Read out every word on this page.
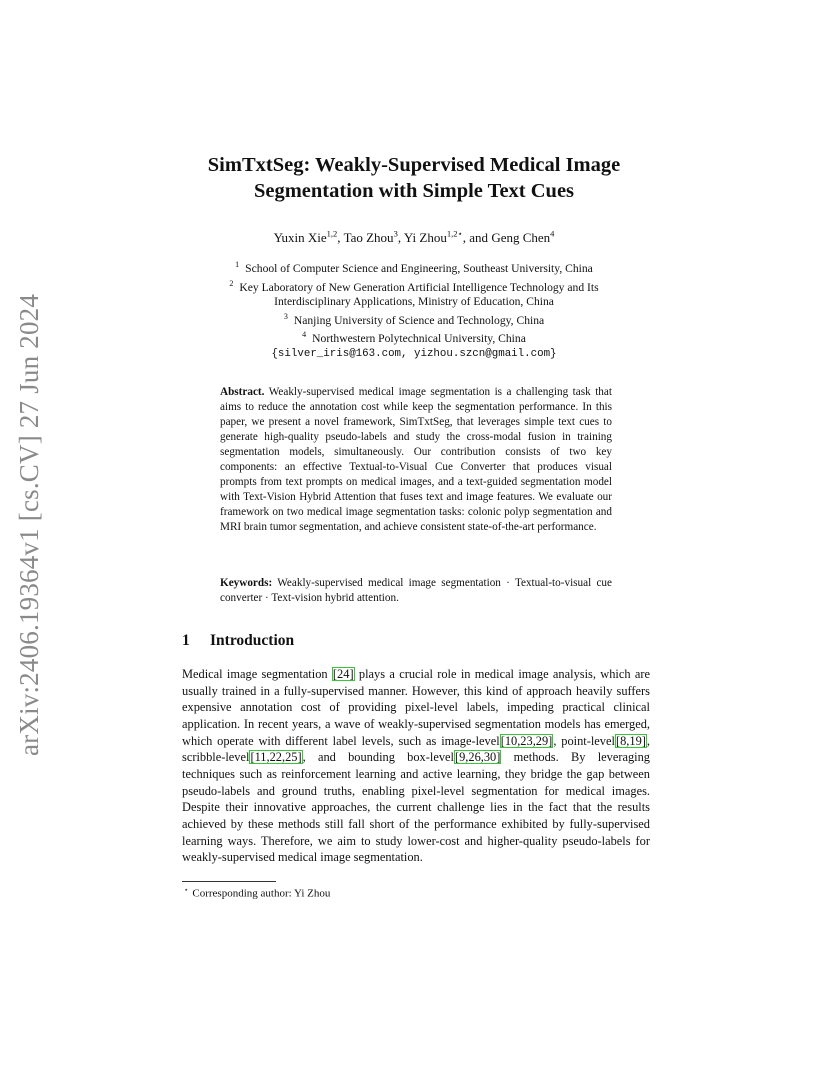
arXiv:2406.19364v1 [cs.CV] 27 Jun 2024
SimTxtSeg: Weakly-Supervised Medical Image
Segmentation with Simple Text Cues
Yuxin Xie$^{1,2}$, Tao Zhou$^3$, Yi Zhou$^{1,2⋆}$, and Geng Chen$^4$
$^1$ School of Computer Science and Engineering, Southeast University, China
$^2$ Key Laboratory of New Generation Artificial Intelligence Technology and Its
Interdisciplinary Applications, Ministry of Education, China
$^3$ Nanjing University of Science and Technology, China
$^4$ Northwestern Polytechnical University, China
{silver_iris@163.com, yizhou.szcn@gmail.com}
Abstract. Weakly-supervised medical image segmentation is a challenging task that aims to reduce the annotation cost while keep the segmentation performance. In this paper, we present a novel framework, SimTxtSeg, that leverages simple text cues to generate high-quality pseudo-labels and study the cross-modal fusion in training segmentation models, simultaneously. Our contribution consists of two key components: an effective Textual-to-Visual Cue Converter that produces visual prompts from text prompts on medical images, and a text-guided segmentation model with Text-Vision Hybrid Attention that fuses text and image features. We evaluate our framework on two medical image segmentation tasks: colonic polyp segmentation and MRI brain tumor segmentation, and achieve consistent state-of-the-art performance.
Keywords: Weakly-supervised medical image segmentation · Textual-to-visual cue converter · Text-vision hybrid attention.
1 Introduction
Medical image segmentation [24] plays a crucial role in medical image analysis, which are usually trained in a fully-supervised manner. However, this kind of approach heavily suffers expensive annotation cost of providing pixel-level labels, impeding practical clinical application. In recent years, a wave of weakly-supervised segmentation models has emerged, which operate with different label levels, such as image-level[10,23,29], point-level[8,19], scribble-level[11,22,25], and bounding box-level[9,26,30] methods. By leveraging techniques such as reinforcement learning and active learning, they bridge the gap between pseudo-labels and ground truths, enabling pixel-level segmentation for medical images. Despite their innovative approaches, the current challenge lies in the fact that the results achieved by these methods still fall short of the performance exhibited by fully-supervised learning ways. Therefore, we aim to study lower-cost and higher-quality pseudo-labels for weakly-supervised medical image segmentation.
⋆ Corresponding author: Yi Zhou
